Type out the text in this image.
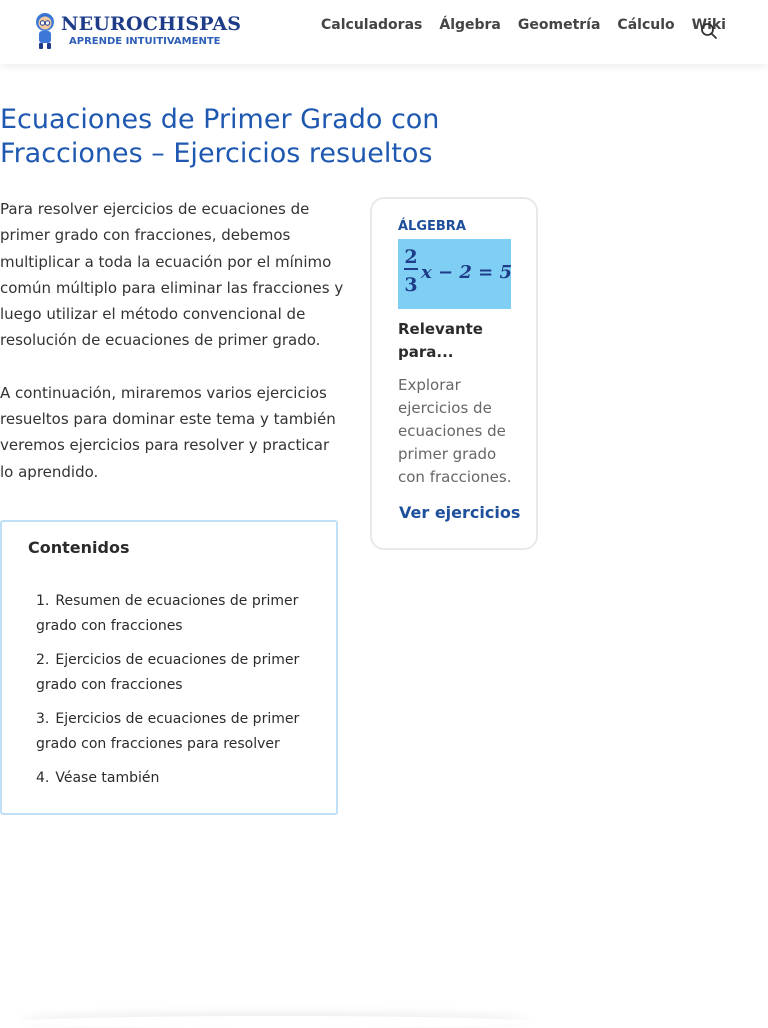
NEUROCHISPAS
APRENDE INTUITIVAMENTE
Calculadoras Álgebra Geometría Cálculo Wiki
Ecuaciones de Primer Grado con Fracciones – Ejercicios resueltos

Para resolver ejercicios de ecuaciones de primer grado con fracciones, debemos multiplicar a toda la ecuación por el mínimo común múltiplo para eliminar las fracciones y luego utilizar el método convencional de resolución de ecuaciones de primer grado.

A continuación, miraremos varios ejercicios resueltos para dominar este tema y también veremos ejercicios para resolver y practicar lo aprendido.

ÁLGEBRA
2
3
x − 2 = 5
Relevante para...
Explorar ejercicios de ecuaciones de primer grado con fracciones.
Ver ejercicios

Contenidos

1. Resumen de ecuaciones de primer grado con fracciones
2. Ejercicios de ecuaciones de primer grado con fracciones
3. Ejercicios de ecuaciones de primer grado con fracciones para resolver
4. Véase también
